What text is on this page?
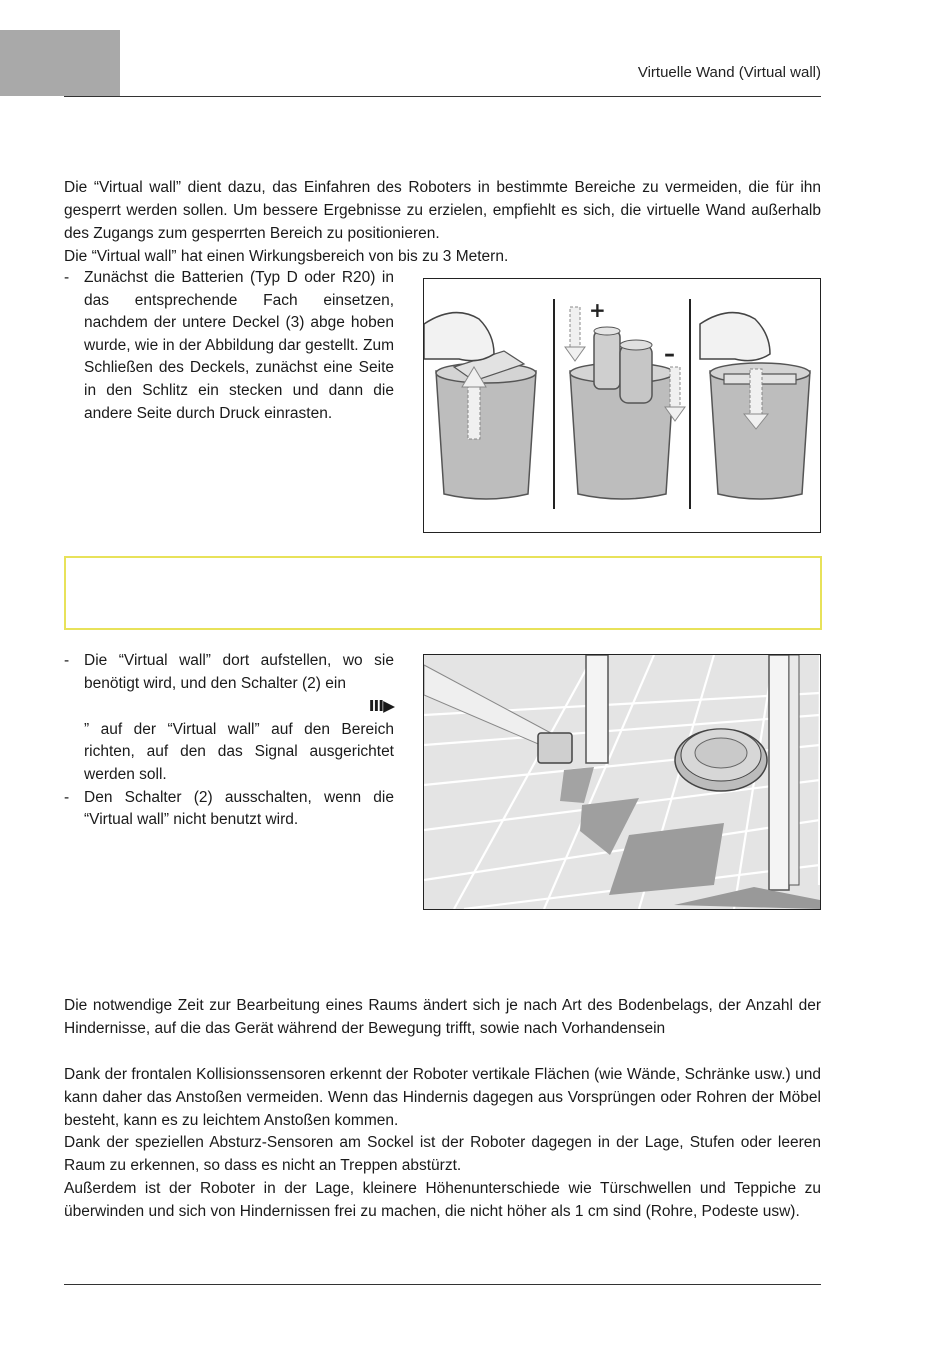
Virtuelle Wand (Virtual wall)

Die “Virtual wall” dient dazu, das Einfahren des Roboters in bestimmte Bereiche zu vermeiden, die für ihn gesperrt werden sollen. Um bessere Ergebnisse zu erzielen, empfiehlt es sich, die virtuelle Wand außerhalb des Zugangs zum gesperrten Bereich zu positionieren.

Die “Virtual wall” hat einen Wirkungsbereich von bis zu 3 Metern.

- Zunächst die Batterien (Typ D oder R20) in das entsprechende Fach einsetzen, nachdem der untere Deckel (3) abge hoben wurde, wie in der Abbildung dar gestellt. Zum Schließen des Deckels, zunächst eine Seite in den Schlitz ein stecken und dann die andere Seite durch Druck einrasten.
+
–
- Die “Virtual wall” dort aufstellen, wo sie benötigt wird, und den Schalter (2) ein
III▶ ” auf der “Virtual wall” auf den Bereich richten, auf den das Signal ausgerichtet werden soll.
- Den Schalter (2) ausschalten, wenn die “Virtual wall” nicht benutzt wird.

Die notwendige Zeit zur Bearbeitung eines Raums ändert sich je nach Art des Bodenbelags, der Anzahl der Hindernisse, auf die das Gerät während der Bewegung trifft, sowie nach Vorhandensein

Dank der frontalen Kollisionssensoren erkennt der Roboter vertikale Flächen (wie Wände, Schränke usw.) und kann daher das Anstoßen vermeiden. Wenn das Hindernis dagegen aus Vorsprüngen oder Rohren der Möbel besteht, kann es zu leichtem Anstoßen kommen.

Dank der speziellen Absturz-Sensoren am Sockel ist der Roboter dagegen in der Lage, Stufen oder leeren Raum zu erkennen, so dass es nicht an Treppen abstürzt.

Außerdem ist der Roboter in der Lage, kleinere Höhenunterschiede wie Türschwellen und Teppiche zu überwinden und sich von Hindernissen frei zu machen, die nicht höher als 1 cm sind (Rohre, Podeste usw).
